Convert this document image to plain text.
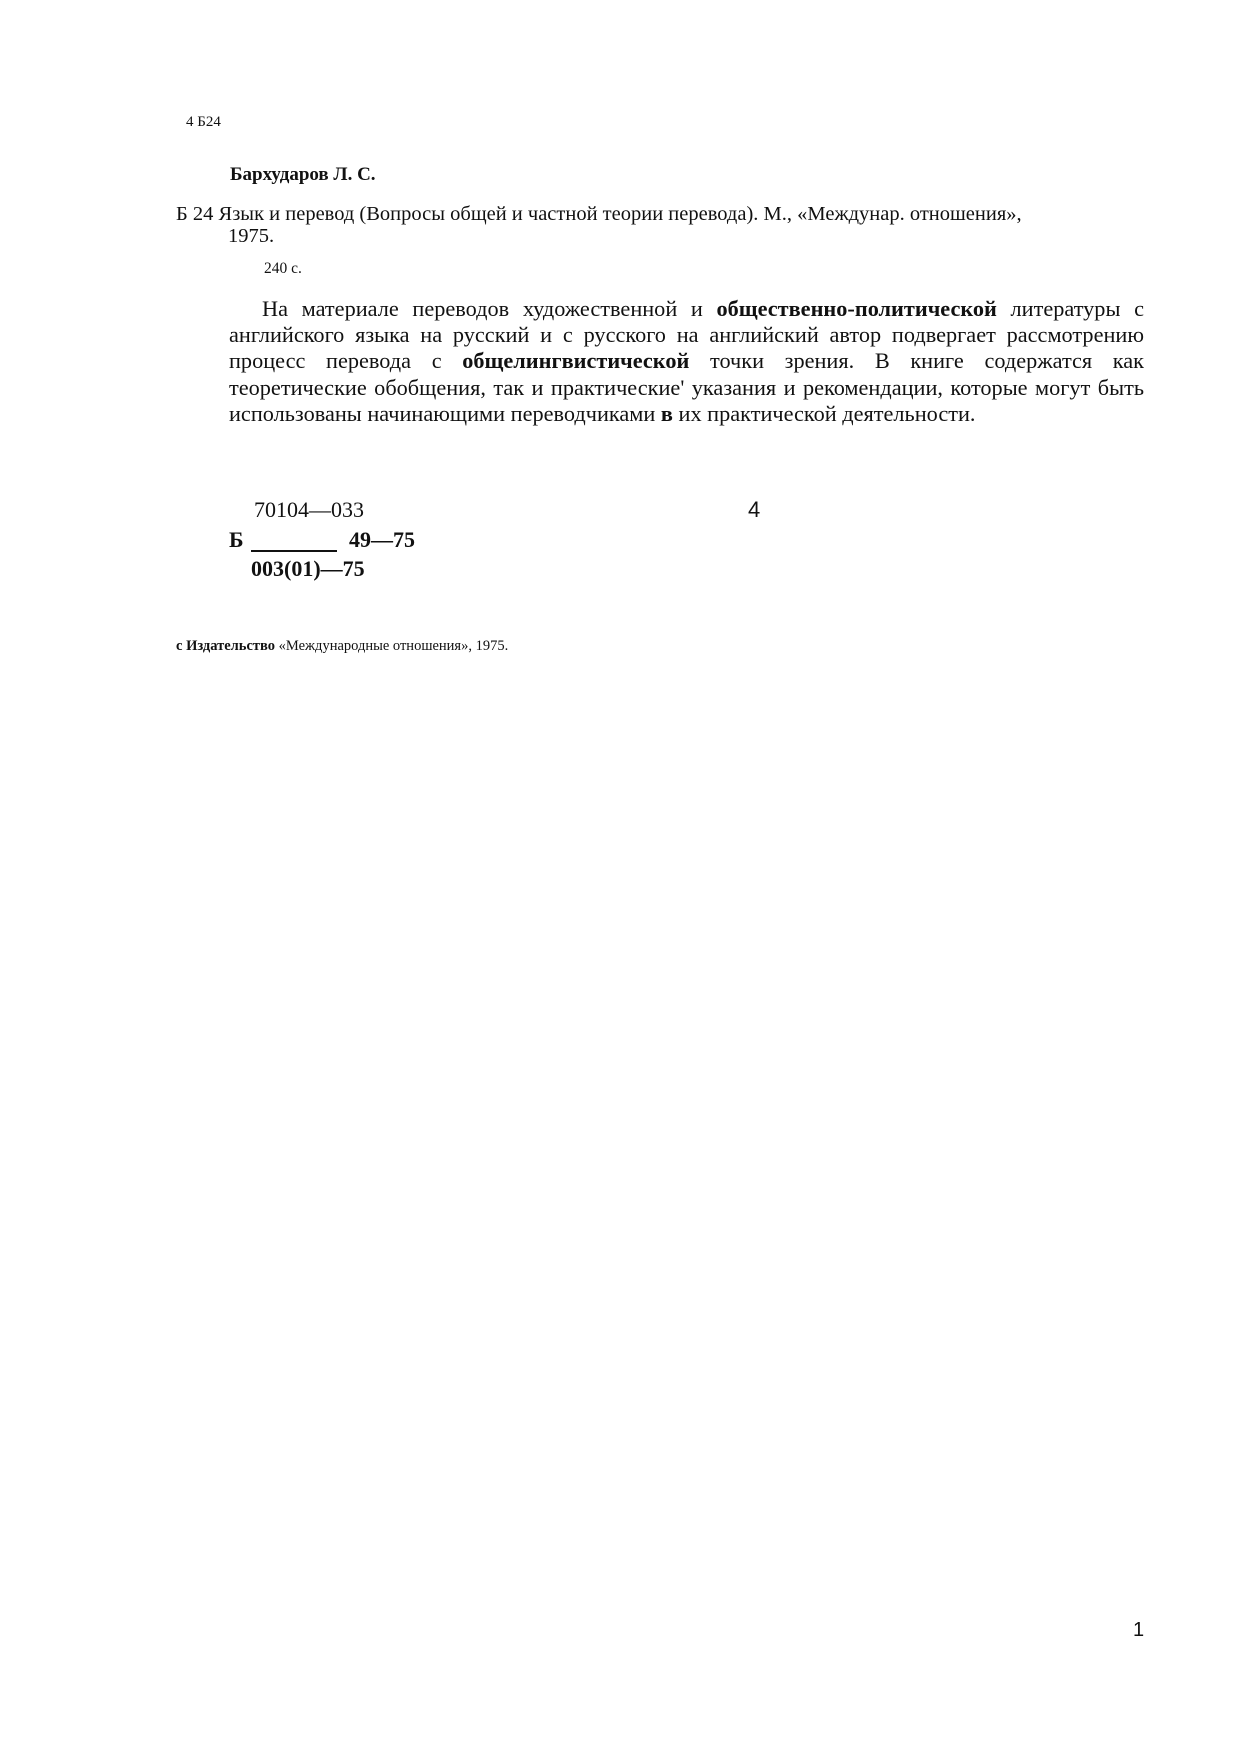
4 Б24
Бархударов Л. С.
Б 24 Язык и перевод (Вопросы общей и частной теории перевода). М., «Междунар. отношения»,
1975.
240 с.

На материале переводов художественной и общественно-политической литературы с английского языка на русский и с русского на английский автор подвергает рассмотрению процесс перевода с общелингвистической точки зрения. В книге содержатся как теоретические обобщения, так и практические' указания и рекомендации, которые могут быть использованы начинающими переводчиками в их практической деятельности.

70104—033
Б	49—75
003(01)—75
4
с Издательство «Международные отношения», 1975.
1
